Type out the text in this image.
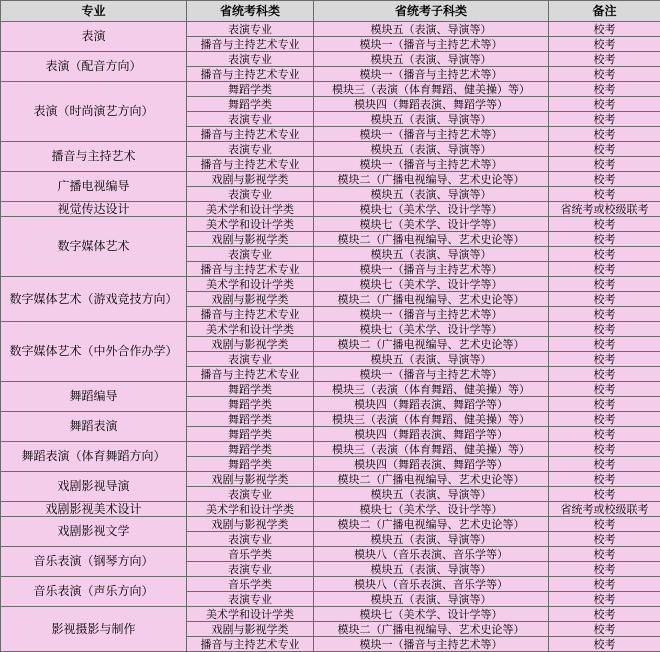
专业	省统考科类	省统考子科类	备注
表演	表演专业	模块五（表演、导演等）	校考
	播音与主持艺术专业	模块一（播音与主持艺术等）	校考
表演（配音方向）	表演专业	模块五（表演、导演等）	校考
	播音与主持艺术专业	模块一（播音与主持艺术等）	校考
表演（时尚演艺方向）	舞蹈学类	模块三（表演（体育舞蹈、健美操）等）	校考
	舞蹈学类	模块四（舞蹈表演、舞蹈学等）	校考
	表演专业	模块五（表演、导演等）	校考
	播音与主持艺术专业	模块一（播音与主持艺术等）	校考
播音与主持艺术	表演专业	模块五（表演、导演等）	校考
	播音与主持艺术专业	模块一（播音与主持艺术等）	校考
广播电视编导	戏剧与影视学类	模块二（广播电视编导、艺术史论等）	校考
	表演专业	模块五（表演、导演等）	校考
视觉传达设计	美术学和设计学类	模块七（美术学、设计学等）	省统考或校级联考
数字媒体艺术	美术学和设计学类	模块七（美术学、设计学等）	校考
	戏剧与影视学类	模块二（广播电视编导、艺术史论等）	校考
	表演专业	模块五（表演、导演等）	校考
	播音与主持艺术专业	模块一（播音与主持艺术等）	校考
数字媒体艺术（游戏竞技方向）	美术学和设计学类	模块七（美术学、设计学等）	校考
	戏剧与影视学类	模块二（广播电视编导、艺术史论等）	校考
	播音与主持艺术专业	模块一（播音与主持艺术等）	校考
数字媒体艺术（中外合作办学）	美术学和设计学类	模块七（美术学、设计学等）	校考
	戏剧与影视学类	模块二（广播电视编导、艺术史论等）	校考
	表演专业	模块五（表演、导演等）	校考
	播音与主持艺术专业	模块一（播音与主持艺术等）	校考
舞蹈编导	舞蹈学类	模块三（表演（体育舞蹈、健美操）等）	校考
	舞蹈学类	模块四（舞蹈表演、舞蹈学等）	校考
舞蹈表演	舞蹈学类	模块三（表演（体育舞蹈、健美操）等）	校考
	舞蹈学类	模块四（舞蹈表演、舞蹈学等）	校考
舞蹈表演（体育舞蹈方向）	舞蹈学类	模块三（表演（体育舞蹈、健美操）等）	校考
	舞蹈学类	模块四（舞蹈表演、舞蹈学等）	校考
戏剧影视导演	戏剧与影视学类	模块二（广播电视编导、艺术史论等）	校考
	表演专业	模块五（表演、导演等）	校考
戏剧影视美术设计	美术学和设计学类	模块七（美术学、设计学等）	省统考或校级联考
戏剧影视文学	戏剧与影视学类	模块二（广播电视编导、艺术史论等）	校考
	表演专业	模块五（表演、导演等）	校考
音乐表演（钢琴方向）	音乐学类	模块八（音乐表演、音乐学等）	校考
	表演专业	模块五（表演、导演等）	校考
音乐表演（声乐方向）	音乐学类	模块八（音乐表演、音乐学等）	校考
	表演专业	模块五（表演、导演等）	校考
影视摄影与制作	美术学和设计学类	模块七（美术学、设计学等）	校考
	戏剧与影视学类	模块二（广播电视编导、艺术史论等）	校考
	播音与主持艺术专业	模块一（播音与主持艺术等）	校考
